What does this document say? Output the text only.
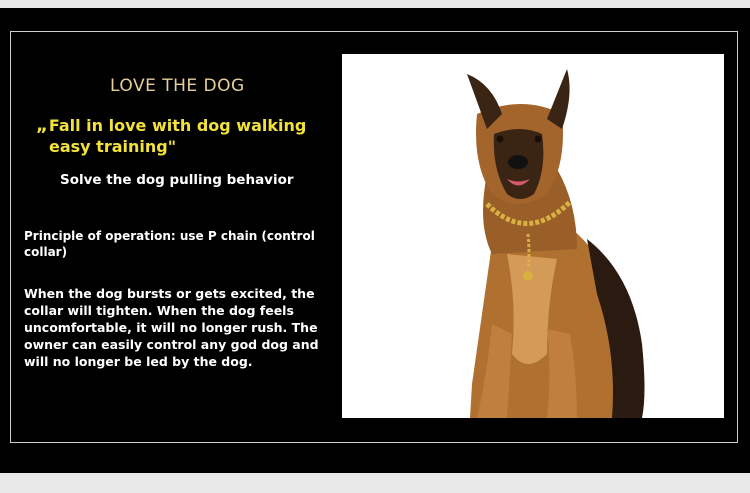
LOVE THE DOG
„Fall in love with dog walking
easy training"
Solve the dog pulling behavior
Principle of operation: use P chain (control collar)
When the dog bursts or gets excited, the collar will tighten. When the dog feels uncomfortable, it will no longer rush. The owner can easily control any god dog and will no longer be led by the dog.
